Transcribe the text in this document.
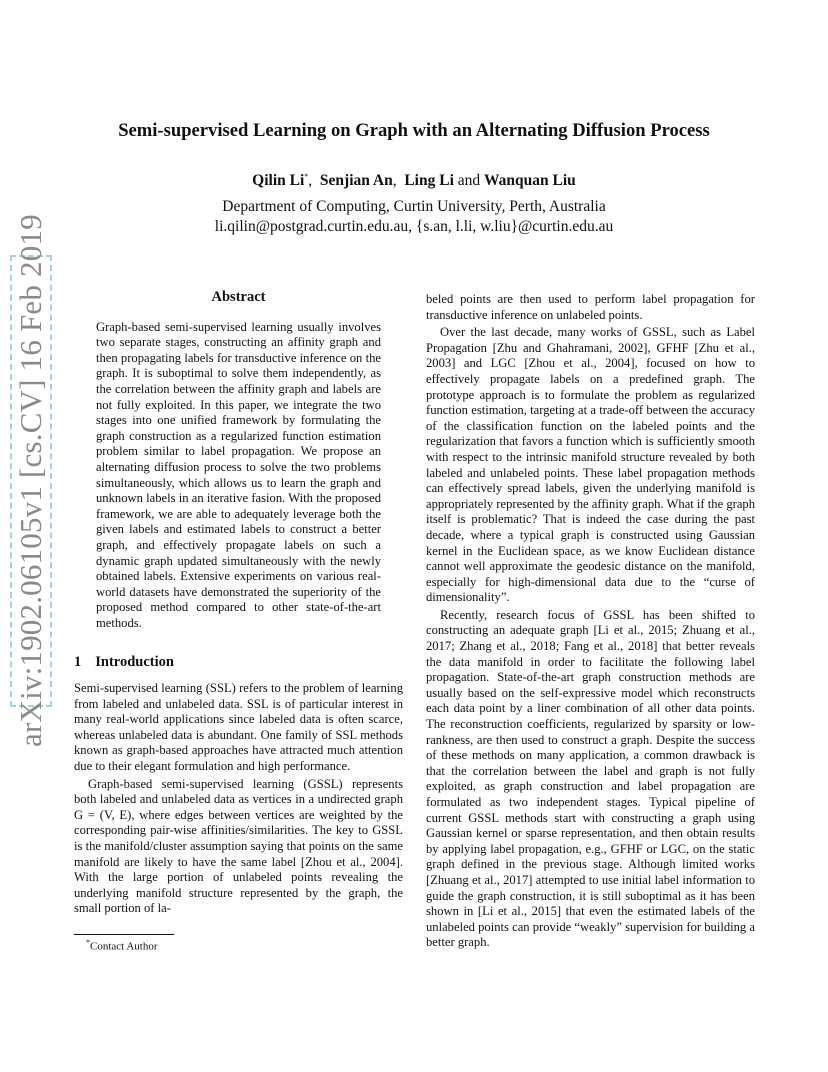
arXiv:1902.06105v1 [cs.CV] 16 Feb 2019
Semi-supervised Learning on Graph with an Alternating Diffusion Process
Qilin Li*, Senjian An, Ling Li and Wanquan Liu
Department of Computing, Curtin University, Perth, Australia
li.qilin@postgrad.curtin.edu.au, {s.an, l.li, w.liu}@curtin.edu.au
Abstract

Graph-based semi-supervised learning usually involves two separate stages, constructing an affinity graph and then propagating labels for transductive inference on the graph. It is suboptimal to solve them independently, as the correlation between the affinity graph and labels are not fully exploited. In this paper, we integrate the two stages into one unified framework by formulating the graph construction as a regularized function estimation problem similar to label propagation. We propose an alternating diffusion process to solve the two problems simultaneously, which allows us to learn the graph and unknown labels in an iterative fasion. With the proposed framework, we are able to adequately leverage both the given labels and estimated labels to construct a better graph, and effectively propagate labels on such a dynamic graph updated simultaneously with the newly obtained labels. Extensive experiments on various real-world datasets have demonstrated the superiority of the proposed method compared to other state-of-the-art methods.

1 Introduction

Semi-supervised learning (SSL) refers to the problem of learning from labeled and unlabeled data. SSL is of particular interest in many real-world applications since labeled data is often scarce, whereas unlabeled data is abundant. One family of SSL methods known as graph-based approaches have attracted much attention due to their elegant formulation and high performance.

Graph-based semi-supervised learning (GSSL) represents both labeled and unlabeled data as vertices in a undirected graph G = (V, E), where edges between vertices are weighted by the corresponding pair-wise affinities/similarities. The key to GSSL is the manifold/cluster assumption saying that points on the same manifold are likely to have the same label [Zhou et al., 2004]. With the large portion of unlabeled points revealing the underlying manifold structure represented by the graph, the small portion of la-

beled points are then used to perform label propagation for transductive inference on unlabeled points.

Over the last decade, many works of GSSL, such as Label Propagation [Zhu and Ghahramani, 2002], GFHF [Zhu et al., 2003] and LGC [Zhou et al., 2004], focused on how to effectively propagate labels on a predefined graph. The prototype approach is to formulate the problem as regularized function estimation, targeting at a trade-off between the accuracy of the classification function on the labeled points and the regularization that favors a function which is sufficiently smooth with respect to the intrinsic manifold structure revealed by both labeled and unlabeled points. These label propagation methods can effectively spread labels, given the underlying manifold is appropriately represented by the affinity graph. What if the graph itself is problematic? That is indeed the case during the past decade, where a typical graph is constructed using Gaussian kernel in the Euclidean space, as we know Euclidean distance cannot well approximate the geodesic distance on the manifold, especially for high-dimensional data due to the “curse of dimensionality”.

Recently, research focus of GSSL has been shifted to constructing an adequate graph [Li et al., 2015; Zhuang et al., 2017; Zhang et al., 2018; Fang et al., 2018] that better reveals the data manifold in order to facilitate the following label propagation. State-of-the-art graph construction methods are usually based on the self-expressive model which reconstructs each data point by a liner combination of all other data points. The reconstruction coefficients, regularized by sparsity or low-rankness, are then used to construct a graph. Despite the success of these methods on many application, a common drawback is that the correlation between the label and graph is not fully exploited, as graph construction and label propagation are formulated as two independent stages. Typical pipeline of current GSSL methods start with constructing a graph using Gaussian kernel or sparse representation, and then obtain results by applying label propagation, e.g., GFHF or LGC, on the static graph defined in the previous stage. Although limited works [Zhuang et al., 2017] attempted to use initial label information to guide the graph construction, it is still suboptimal as it has been shown in [Li et al., 2015] that even the estimated labels of the unlabeled points can provide “weakly” supervision for building a better graph.

*Contact Author
